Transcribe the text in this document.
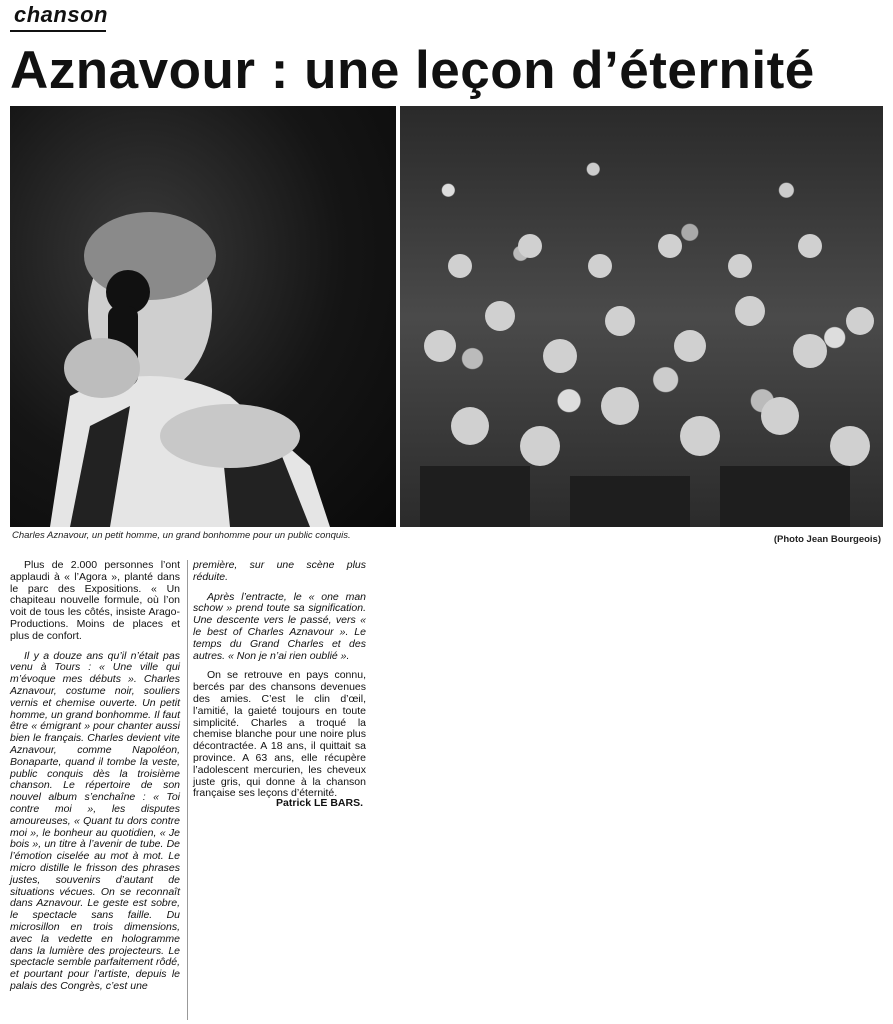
chanson
Aznavour : une leçon d’éternité
Charles Aznavour, un petit homme, un grand bonhomme pour un public conquis.	(Photo Jean Bourgeois)

Plus de 2.000 personnes l’ont applaudi à « l’Agora », planté dans le parc des Expositions. « Un chapiteau nouvelle formule, où l’on voit de tous les côtés, insiste Arago-Productions. Moins de places et plus de confort.

Il y a douze ans qu’il n’était pas venu à Tours : « Une ville qui m’évoque mes débuts ». Charles Aznavour, costume noir, souliers vernis et chemise ouverte. Un petit homme, un grand bonhomme. Il faut être « émigrant » pour chanter aussi bien le français. Charles devient vite Aznavour, comme Napoléon, Bonaparte, quand il tombe la veste, public conquis dès la troisième chanson. Le répertoire de son nouvel album s’enchaîne : « Toi contre moi », les disputes amoureuses, « Quant tu dors contre moi », le bonheur au quotidien, « Je bois », un titre à l’avenir de tube. De l’émotion ciselée au mot à mot. Le micro distille le frisson des phrases justes, souvenirs d’autant de situations vécues. On se reconnaît dans Aznavour. Le geste est sobre, le spectacle sans faille. Du microsillon en trois dimensions, avec la vedette en hologramme dans la lumière des projecteurs. Le spectacle semble parfaitement rôdé, et pourtant pour l’artiste, depuis le palais des Congrès, c’est une

première, sur une scène plus réduite.

Après l’entracte, le « one man schow » prend toute sa signification. Une descente vers le passé, vers « le best of Charles Aznavour ». Le temps du Grand Charles et des autres. « Non je n’ai rien oublié ».

On se retrouve en pays connu, bercés par des chansons devenues des amies. C’est le clin d’œil, l’amitié, la gaieté toujours en toute simplicité. Charles a troqué la chemise blanche pour une noire plus décontractée. A 18 ans, il quittait sa province. A 63 ans, elle récupère l’adolescent mercurien, les cheveux juste gris, qui donne à la chanson française ses leçons d’éternité.

Patrick LE BARS.
